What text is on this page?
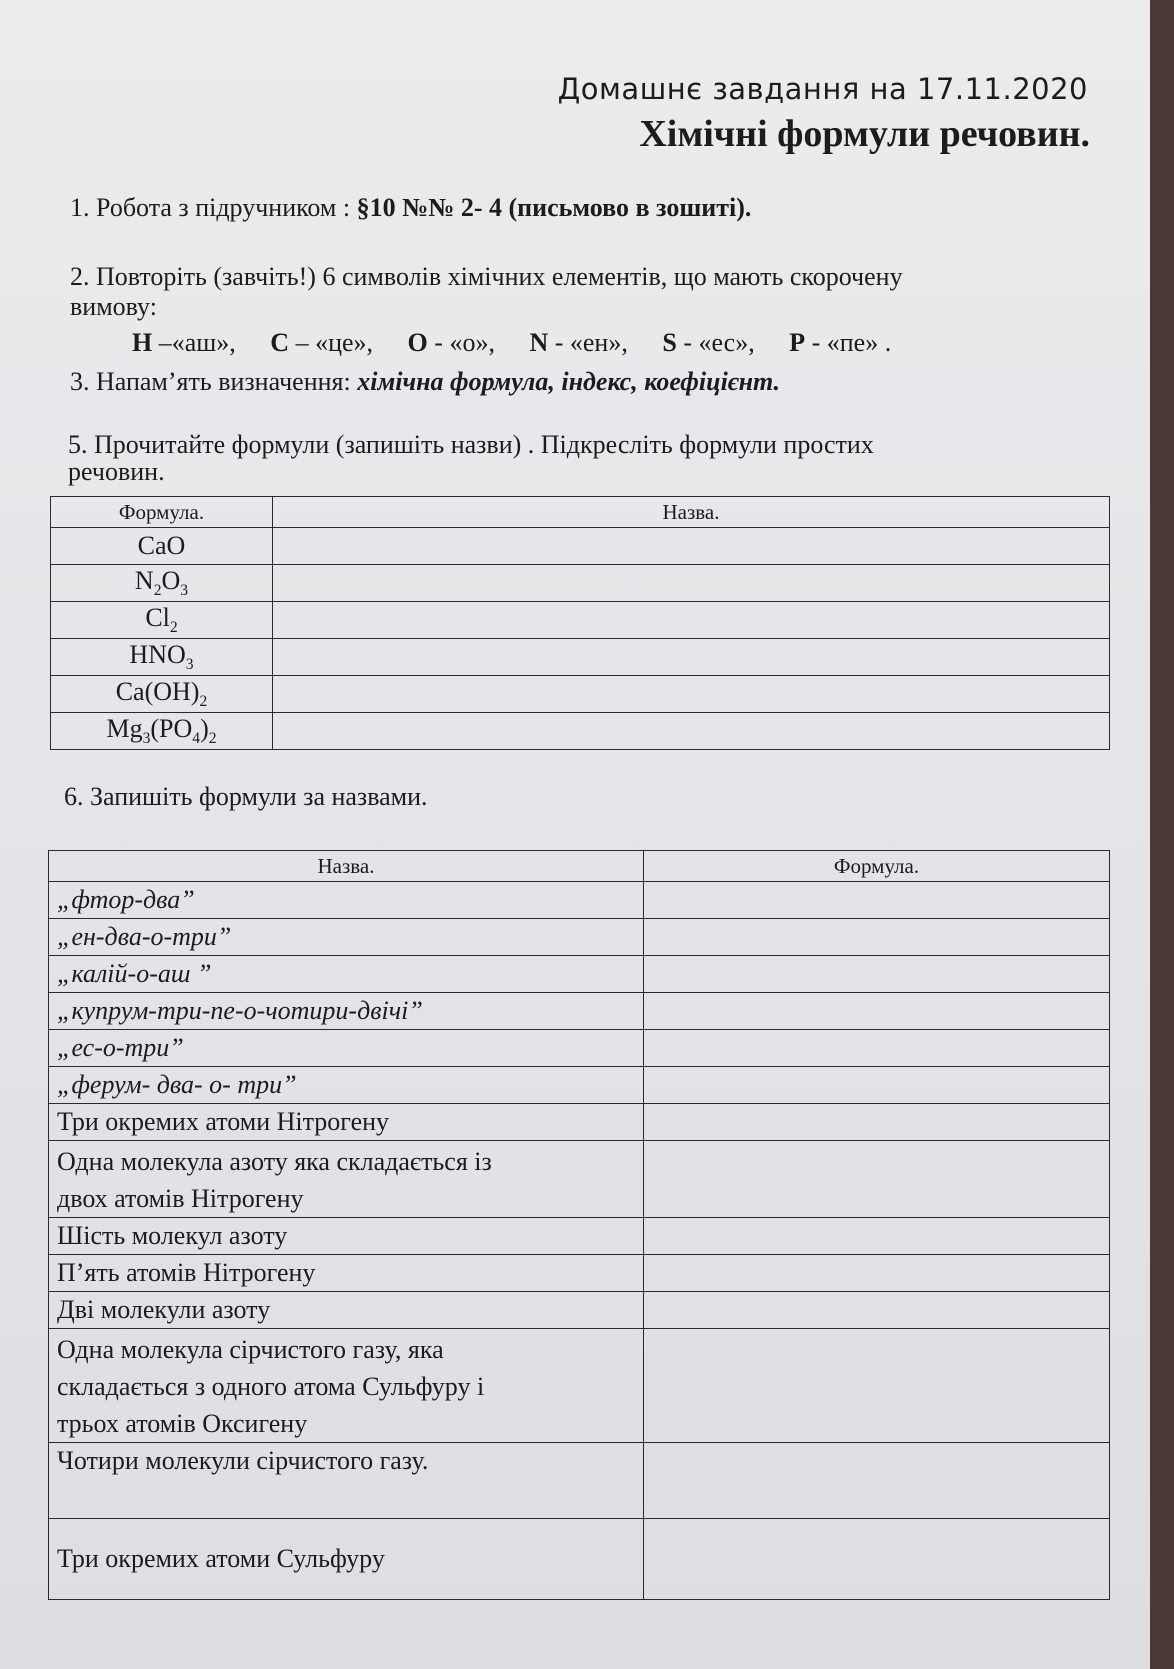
Домашнє завдання на 17.11.2020
Хімічні формули речовин.
1. Робота з підручником : §10 №№ 2- 4 (письмово в зошиті).
2. Повторіть (завчіть!) 6 символів хімічних елементів, що мають скорочену
вимову:
H –«аш», C – «це», O - «о», N - «ен», S - «ес», P - «пе» .
3. Напам’ять визначення: хімічна формула, індекс, коефіцієнт.
5. Прочитайте формули (запишіть назви) . Підкресліть формули простих
речовин.
Формула.	Назва.
CaO	
$N_2O_3$	
$Cl_2$	
$HNO_3$	
$Ca(OH)_2$	
$Mg_3(PO_4)_2$	
6. Запишіть формули за назвами.
Назва.	Формула.
„фтор-два”	
„ен-два-о-три”	
„калій-о-аш ”	
„купрум-три-пе-о-чотири-двічі”	
„ес-о-три”	
„ферум- два- о- три”	
Три окремих атоми Нітрогену	

Одна молекула азоту яка складається із
двох атомів Нітрогену	

Шість молекул азоту	
П’ять атомів Нітрогену	
Дві молекули азоту	

Одна молекула сірчистого газу, яка
складається з одного атома Сульфуру і
трьох атомів Оксигену	

Чотири молекули сірчистого газу.	
Три окремих атоми Сульфуру	
